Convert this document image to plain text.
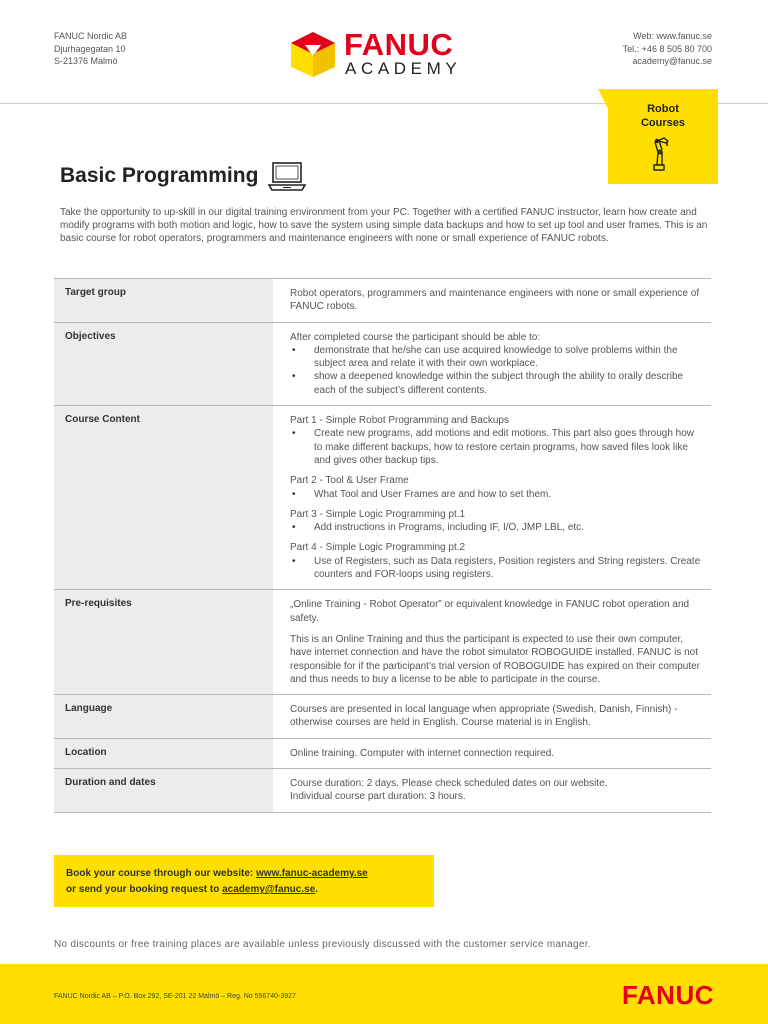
FANUC Nordic AB
Djurhagegatan 10
S-21376 Malmö	FANUC
ACADEMY
Web: www.fanuc.se
Tel.: +46 8 505 80 700
academy@fanuc.se
Robot
Courses
Basic Programming
Take the opportunity to up-skill in our digital training environment from your PC. Together with a certified FANUC instructor, learn how create and modify programs with both motion and logic, how to save the system using simple data backups and how to set up tool and user frames. This is an basic course for robot operators, programmers and maintenance engineers with none or small experience of FANUC robots.
Target group	Robot operators, programmers and maintenance engineers with none or small experience of FANUC robots.

Objectives	After completed course the participant should be able to:
• demonstrate that he/she can use acquired knowledge to solve problems within the subject area and relate it with their own workplace.
• show a deepened knowledge within the subject through the ability to orally describe each of the subject’s different contents.
Course Content	Part 1 - Simple Robot Programming and Backups
• Create new programs, add motions and edit motions. This part also goes through how to make different backups, how to restore certain programs, how saved files look like and gives other backup tips.
Part 2 - Tool & User Frame
• What Tool and User Frames are and how to set them.
Part 3 - Simple Logic Programming pt.1
• Add instructions in Programs, including IF, I/O, JMP LBL, etc.
Part 4 - Simple Logic Programming pt.2
• Use of Registers, such as Data registers, Position registers and String registers. Create counters and FOR-loops using registers.
Pre-requisites	„Online Training - Robot Operator” or equivalent knowledge in FANUC robot operation and safety.

This is an Online Training and thus the participant is expected to use their own computer, have internet connection and have the robot simulator ROBOGUIDE installed. FANUC is not responsible for if the participant’s trial version of ROBOGUIDE has expired on their computer and thus needs to buy a license to be able to participate in the course.

Language	Courses are presented in local language when appropriate (Swedish, Danish, Finnish) - otherwise courses are held in English. Course material is in English.

Location	Online training. Computer with internet connection required.

Duration and dates	Course duration: 2 days. Please check scheduled dates on our website.
Individual course part duration: 3 hours.
Book your course through our website: www.fanuc-academy.se
or send your booking request to academy@fanuc.se.
No discounts or free training places are available unless previously discussed with the customer service manager.
FANUC Nordic AB – P.O. Box 292, SE-201 22 Malmö – Reg. No 556740-3927	FANUC
